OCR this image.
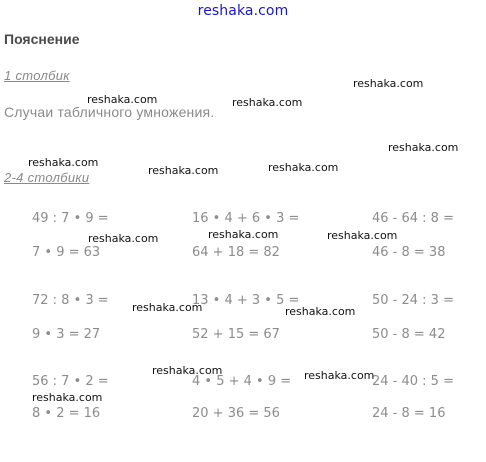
reshaka.com
Пояснение
1 столбик
Случаи табличного умножения.
2-4 столбики
49 : 7 • 9 =	16 • 4 + 6 • 3 =	46 - 64 : 8 =
7 • 9 = 63	64 + 18 = 82	46 - 8 = 38
72 : 8 • 3 =	13 • 4 + 3 • 5 =	50 - 24 : 3 =
9 • 3 = 27	52 + 15 = 67	50 - 8 = 42
56 : 7 • 2 =	4 • 5 + 4 • 9 =	24 - 40 : 5 =
8 • 2 = 16	20 + 36 = 56	24 - 8 = 16
reshaka.com
reshaka.com	reshaka.com
reshaka.com
reshaka.com
reshaka.com	reshaka.com
reshaka.com	reshaka.com
reshaka.com
reshaka.com	reshaka.com
reshaka.com	reshaka.com
reshaka.com
